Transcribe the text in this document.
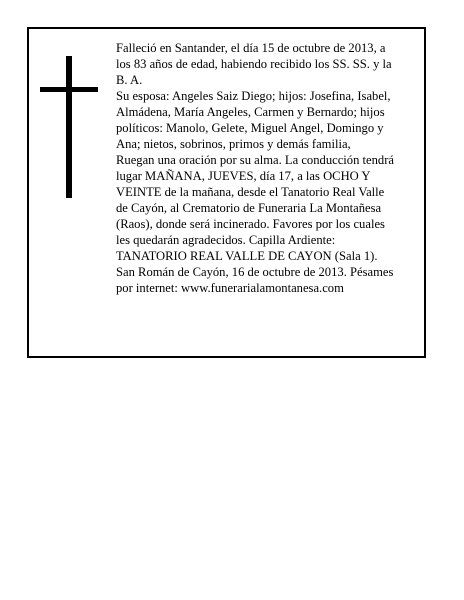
Falleció en Santander, el día 15 de octubre de 2013, a
los 83 años de edad, habiendo recibido los SS. SS. y la
B. A.
Su esposa: Angeles Saiz Diego; hijos: Josefina, Isabel,
Almádena, María Angeles, Carmen y Bernardo; hijos
políticos: Manolo, Gelete, Miguel Angel, Domingo y
Ana; nietos, sobrinos, primos y demás familia,
Ruegan una oración por su alma. La conducción tendrá
lugar MAÑANA, JUEVES, día 17, a las OCHO Y
VEINTE de la mañana, desde el Tanatorio Real Valle
de Cayón, al Crematorio de Funeraria La Montañesa
(Raos), donde será incinerado. Favores por los cuales
les quedarán agradecidos. Capilla Ardiente:
TANATORIO REAL VALLE DE CAYON (Sala 1).
San Román de Cayón, 16 de octubre de 2013. Pésames
por internet: www.funerarialamontanesa.com
